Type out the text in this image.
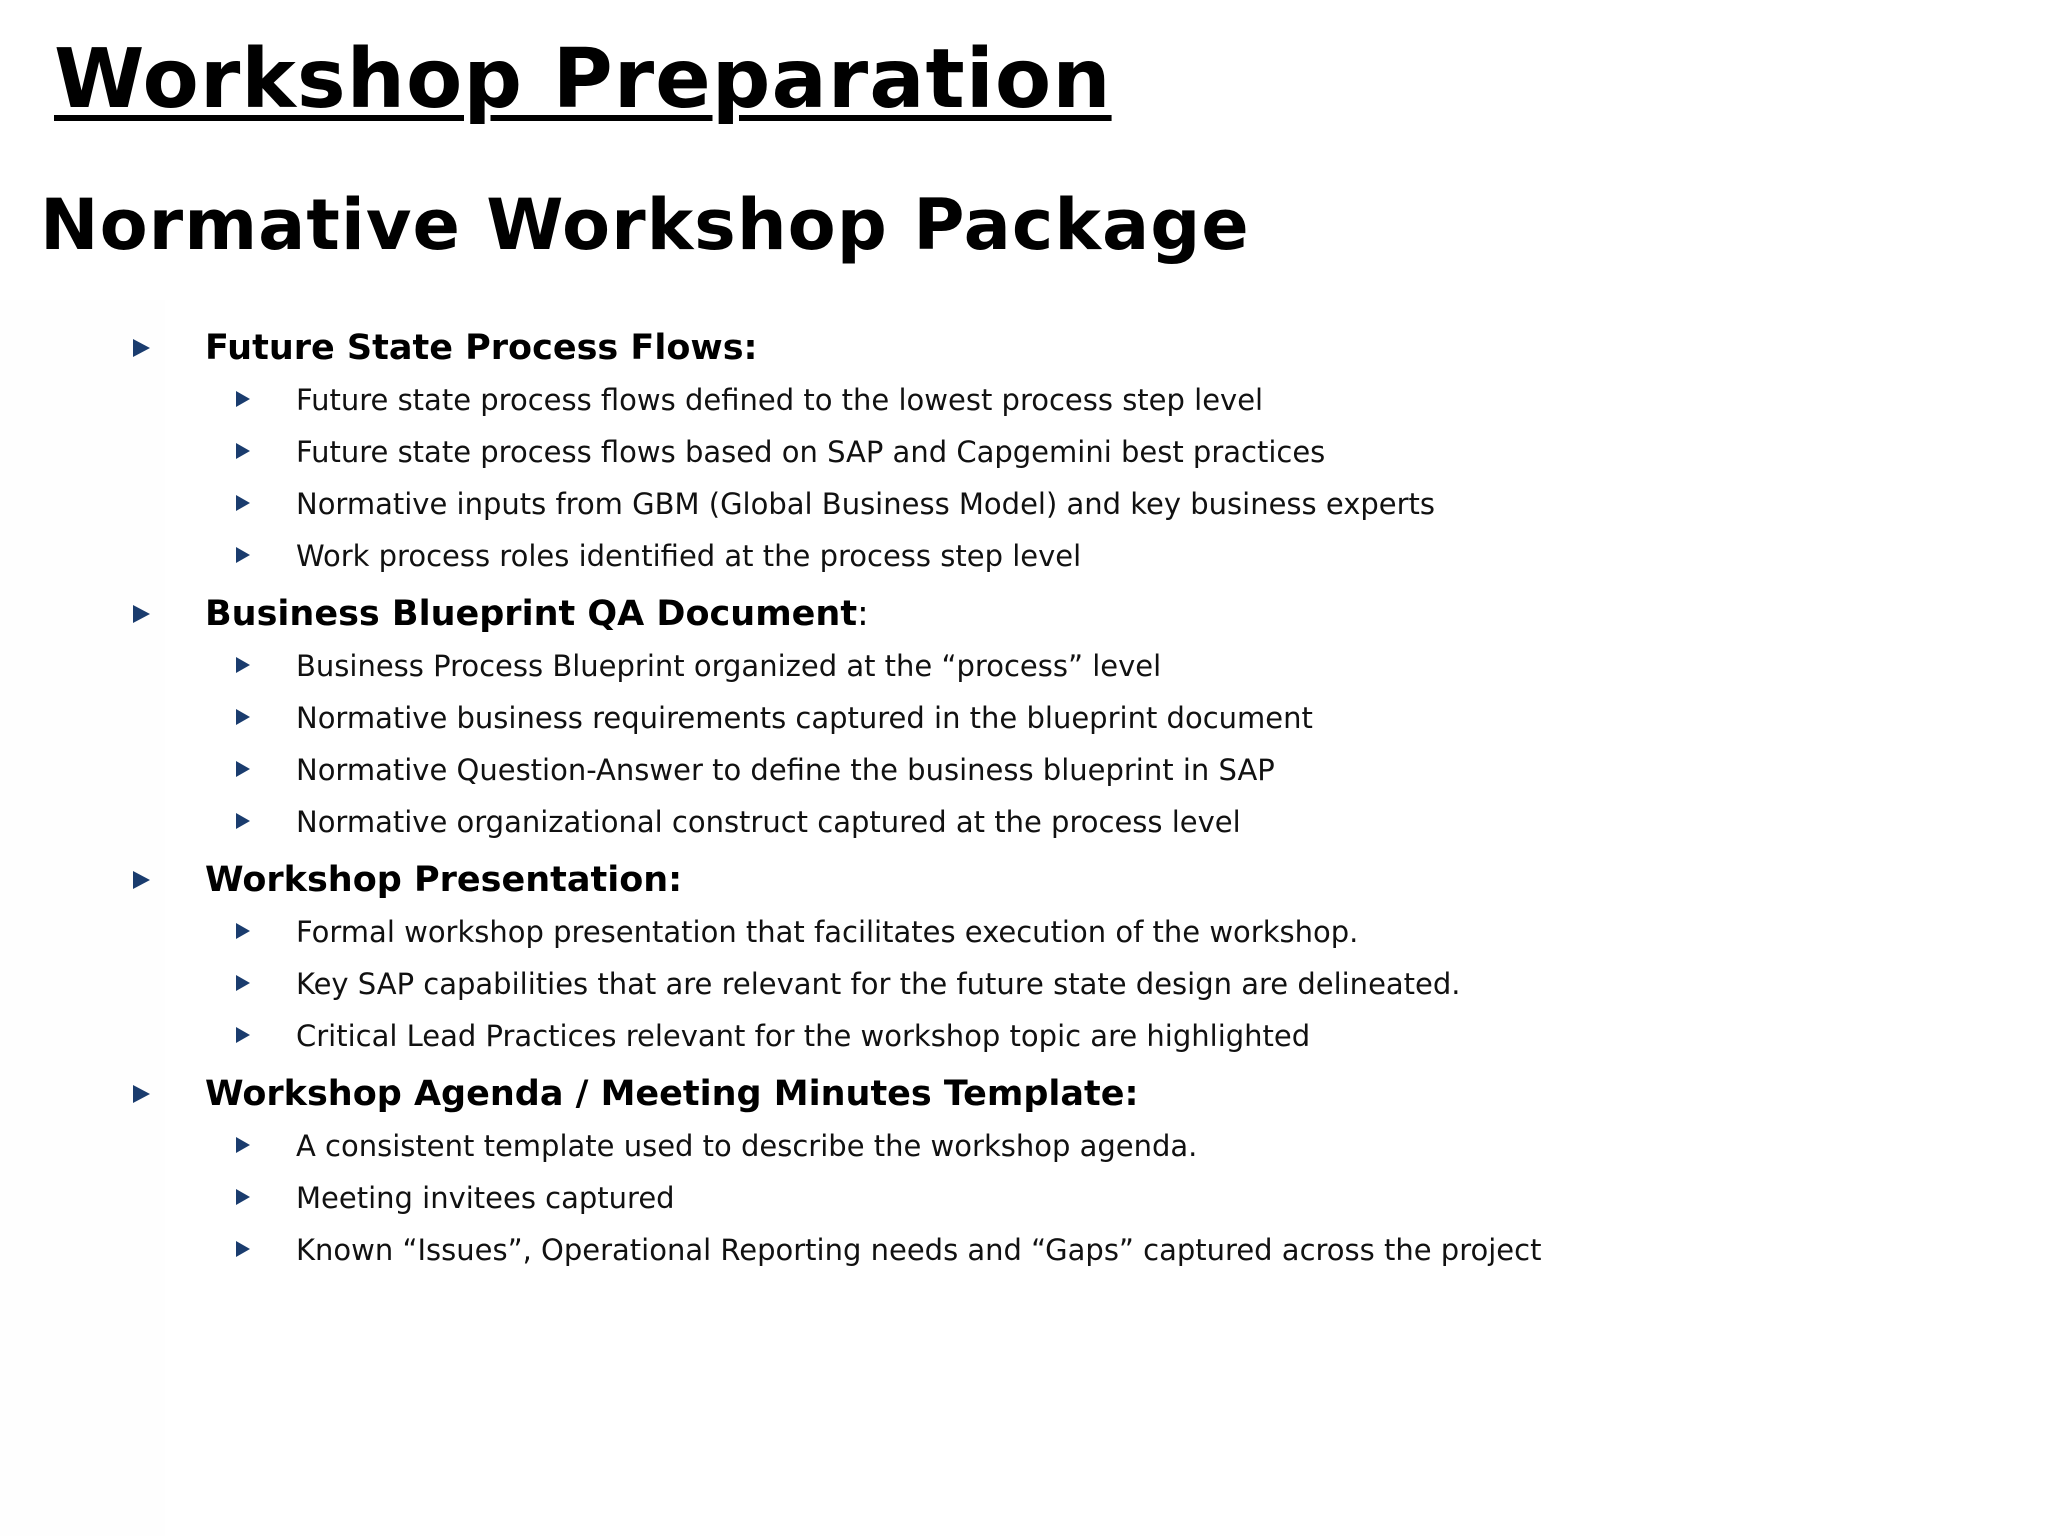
Workshop Preparation
Normative Workshop Package
Future State Process Flows:
Future state process flows defined to the lowest process step level
Future state process flows based on SAP and Capgemini best practices
Normative inputs from GBM (Global Business Model) and key business experts
Work process roles identified at the process step level
Business Blueprint QA Document:
Business Process Blueprint organized at the “process” level
Normative business requirements captured in the blueprint document
Normative Question-Answer to define the business blueprint in SAP
Normative organizational construct captured at the process level
Workshop Presentation:
Formal workshop presentation that facilitates execution of the workshop.
Key SAP capabilities that are relevant for the future state design are delineated.
Critical Lead Practices relevant for the workshop topic are highlighted
Workshop Agenda / Meeting Minutes Template:
A consistent template used to describe the workshop agenda.
Meeting invitees captured
Known “Issues”, Operational Reporting needs and “Gaps” captured across the project
